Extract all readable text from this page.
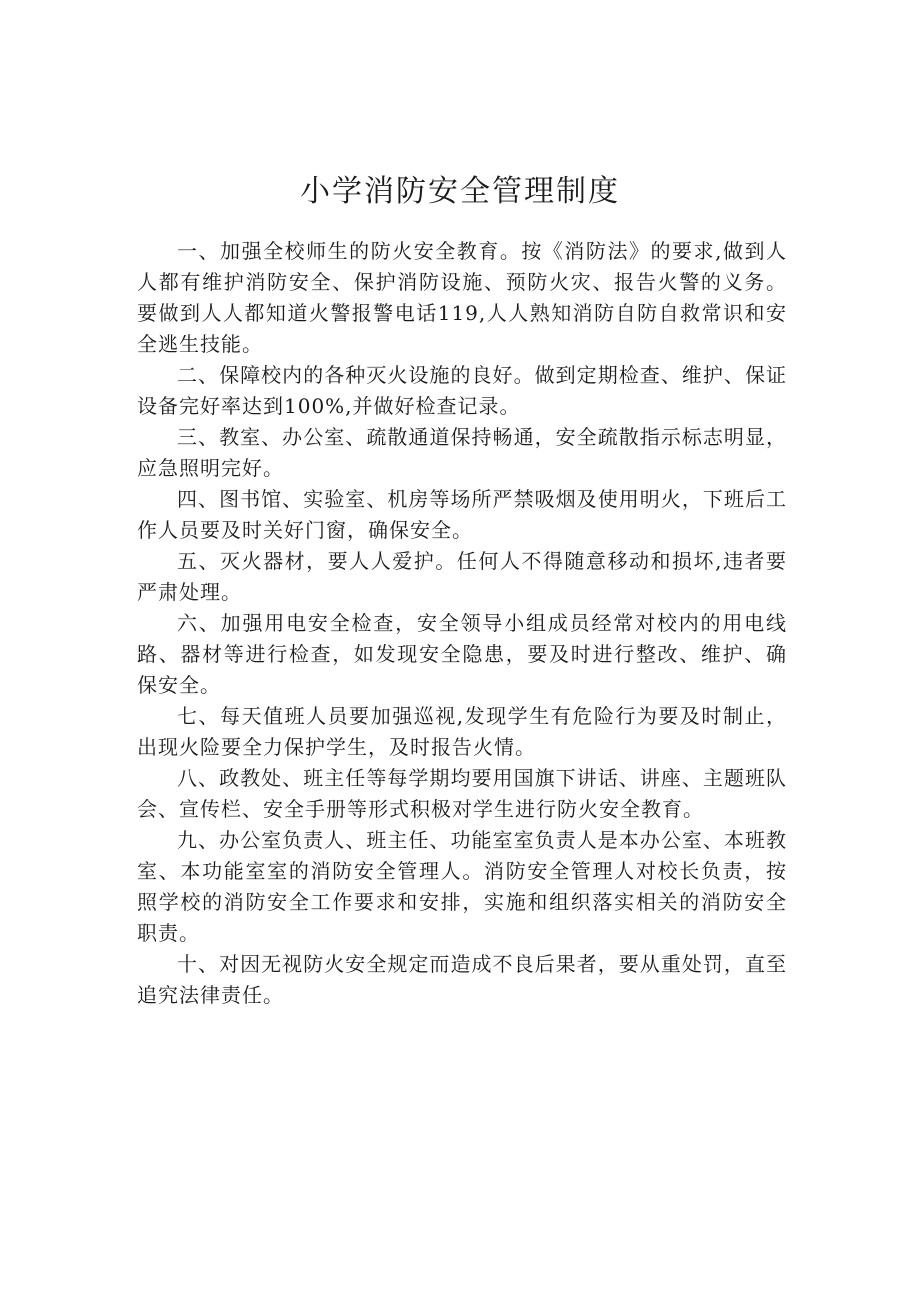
小学消防安全管理制度

一、加强全校师生的防火安全教育。按《消防法》的要求,做到人人都有维护消防安全、保护消防设施、预防火灾、报告火警的义务。要做到人人都知道火警报警电话119,人人熟知消防自防自救常识和安全逃生技能。

二、保障校内的各种灭火设施的良好。做到定期检查、维护、保证设备完好率达到100%,并做好检查记录。

三、教室、办公室、疏散通道保持畅通，安全疏散指示标志明显，应急照明完好。

四、图书馆、实验室、机房等场所严禁吸烟及使用明火，下班后工作人员要及时关好门窗，确保安全。

五、灭火器材，要人人爱护。任何人不得随意移动和损坏,违者要严肃处理。

六、加强用电安全检查，安全领导小组成员经常对校内的用电线路、器材等进行检查，如发现安全隐患，要及时进行整改、维护、确保安全。

七、每天值班人员要加强巡视,发现学生有危险行为要及时制止，出现火险要全力保护学生，及时报告火情。

八、政教处、班主任等每学期均要用国旗下讲话、讲座、主题班队会、宣传栏、安全手册等形式积极对学生进行防火安全教育。

九、办公室负责人、班主任、功能室室负责人是本办公室、本班教室、本功能室室的消防安全管理人。消防安全管理人对校长负责，按照学校的消防安全工作要求和安排，实施和组织落实相关的消防安全职责。

十、对因无视防火安全规定而造成不良后果者，要从重处罚，直至追究法律责任。
